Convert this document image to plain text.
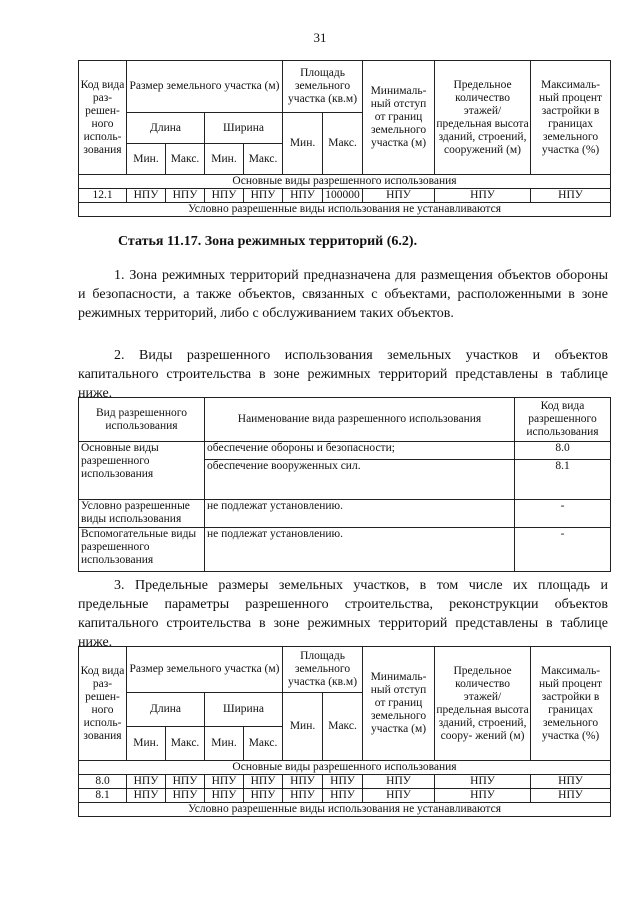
31
Код вида раз- решен- ного исполь- зования	Размер земельного участка (м)				Площадь земельного участка (кв.м)		Минималь- ный отступ от границ земельного участка (м)	Предельное количество этажей/ предельная высота зданий, строений, сооружений (м)	Максималь- ный процент застройки в границах земельного участка (%)
	Длина		Ширина		Мин.	Макс.			
	Мин.	Макс.	Мин.	Макс.					
Основные виды разрешенного использования									
12.1	НПУ	НПУ	НПУ	НПУ	НПУ	100000	НПУ	НПУ	НПУ
Условно разрешенные виды использования не устанавливаются									
Статья 11.17. Зона режимных территорий (6.2).
1. Зона режимных территорий предназначена для размещения объектов обороны и безопасности, а также объектов, связанных с объектами, расположенными в зоне режимных территорий, либо с обслуживанием таких объектов.
2. Виды разрешенного использования земельных участков и объектов капитального строительства в зоне режимных территорий представлены в таблице ниже.
Вид разрешенного использования	Наименование вида разрешенного использования	Код вида разрешенного использования
Основные виды разрешенного использования	обеспечение обороны и безопасности;	8.0
	обеспечение вооруженных сил.	8.1
Условно разрешенные виды использования	не подлежат установлению.	-
Вспомогательные виды разрешенного использования	не подлежат установлению.	-
3. Предельные размеры земельных участков, в том числе их площадь и предельные параметры разрешенного строительства, реконструкции объектов капитального строительства в зоне режимных территорий представлены в таблице ниже.
Код вида раз- решен- ного исполь- зования	Размер земельного участка (м)				Площадь земельного участка (кв.м)		Минималь- ный отступ от границ земельного участка (м)	Предельное количество этажей/ предельная высота зданий, строений, соору- жений (м)	Максималь- ный процент застройки в границах земельного участка (%)
	Длина		Ширина		Мин.	Макс.			
	Мин.	Макс.	Мин.	Макс.					
Основные виды разрешенного использования									
8.0	НПУ	НПУ	НПУ	НПУ	НПУ	НПУ	НПУ	НПУ	НПУ
8.1	НПУ	НПУ	НПУ	НПУ	НПУ	НПУ	НПУ	НПУ	НПУ
Условно разрешенные виды использования не устанавливаются									
